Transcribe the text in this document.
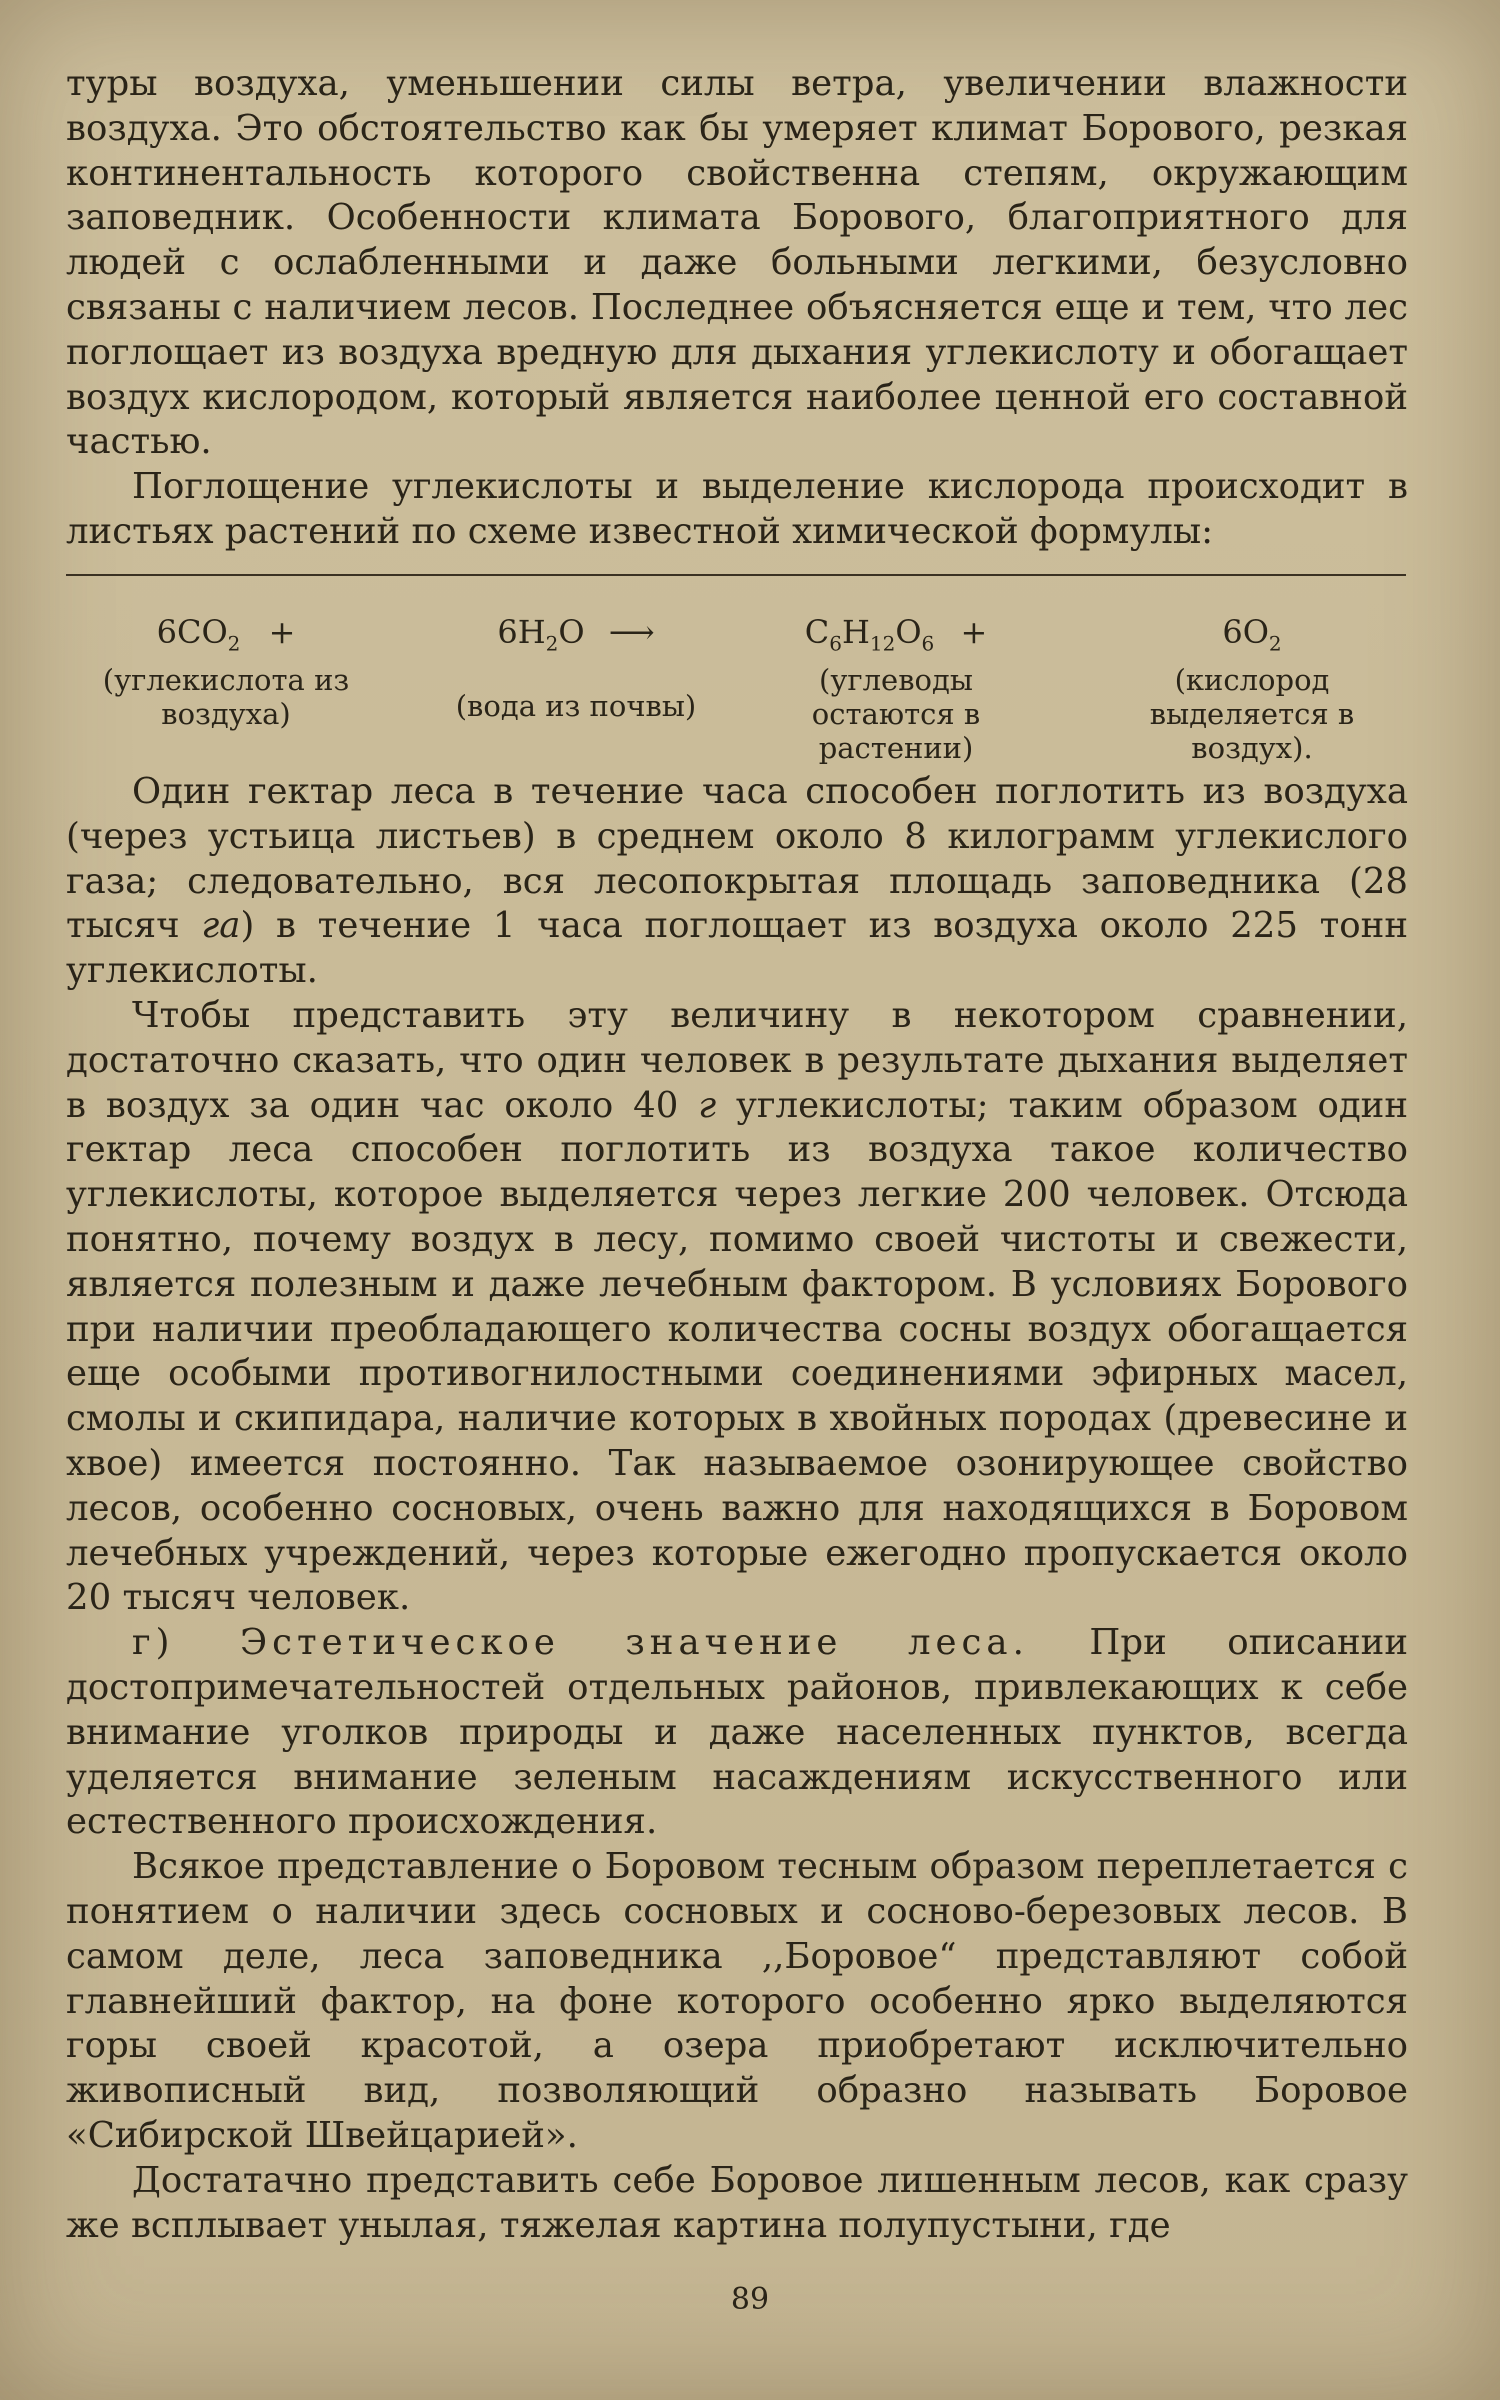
туры воздуха, уменьшении силы ветра, увеличении влажности воздуха. Это обстоятельство как бы умеряет климат Борового, резкая континентальность которого свойственна степям, окружающим заповедник. Особенности климата Борового, благоприятного для людей с ослабленными и даже больными легкими, безусловно связаны с наличием лесов. Последнее объясняется еще и тем, что лес поглощает из воздуха вредную для дыхания углекислоту и обогащает воздух кислородом, который является наиболее ценной его составной частью.

Поглощение углекислоты и выделение кислорода происходит в листьях растений по схеме известной химической формулы:

$6CO_2$ +
(углекислота из воздуха)
$6H_2O$ ⟶
(вода из почвы)
$C_6H_{12}O_6$ +
(углеводы остаются в растении)
$6O_2$
(кислород выделяется в воздух).

Один гектар леса в течение часа способен поглотить из воздуха (через устьица листьев) в среднем около 8 килограмм углекислого газа; следовательно, вся лесопокрытая площадь заповедника (28 тысяч га) в течение 1 часа поглощает из воздуха около 225 тонн углекислоты.

Чтобы представить эту величину в некотором сравнении, достаточно сказать, что один человек в результате дыхания выделяет в воздух за один час около 40 г углекислоты; таким образом один гектар леса способен поглотить из воздуха такое количество углекислоты, которое выделяется через легкие 200 человек. Отсюда понятно, почему воздух в лесу, помимо своей чистоты и свежести, является полезным и даже лечебным фактором. В условиях Борового при наличии преобладающего количества сосны воздух обогащается еще особыми противогнилостными соединениями эфирных масел, смолы и скипидара, наличие которых в хвойных породах (древесине и хвое) имеется постоянно. Так называемое озонирующее свойство лесов, особенно сосновых, очень важно для находящихся в Боровом лечебных учреждений, через которые ежегодно пропускается около 20 тысяч человек.

г) Эстетическое значение леса. При описании достопримечательностей отдельных районов, привлекающих к себе внимание уголков природы и даже населенных пунктов, всегда уделяется внимание зеленым насаждениям искусственного или естественного происхождения.

Всякое представление о Боровом тесным образом переплетается с понятием о наличии здесь сосновых и сосново-березовых лесов. В самом деле, леса заповедника ,,Боровое“ представляют собой главнейший фактор, на фоне которого особенно ярко выделяются горы своей красотой, а озера приобретают исключительно живописный вид, позволяющий образно называть Боровое «Сибирской Швейцарией».

Достатачно представить себе Боровое лишенным лесов, как сразу же всплывает унылая, тяжелая картина полупустыни, где

89
